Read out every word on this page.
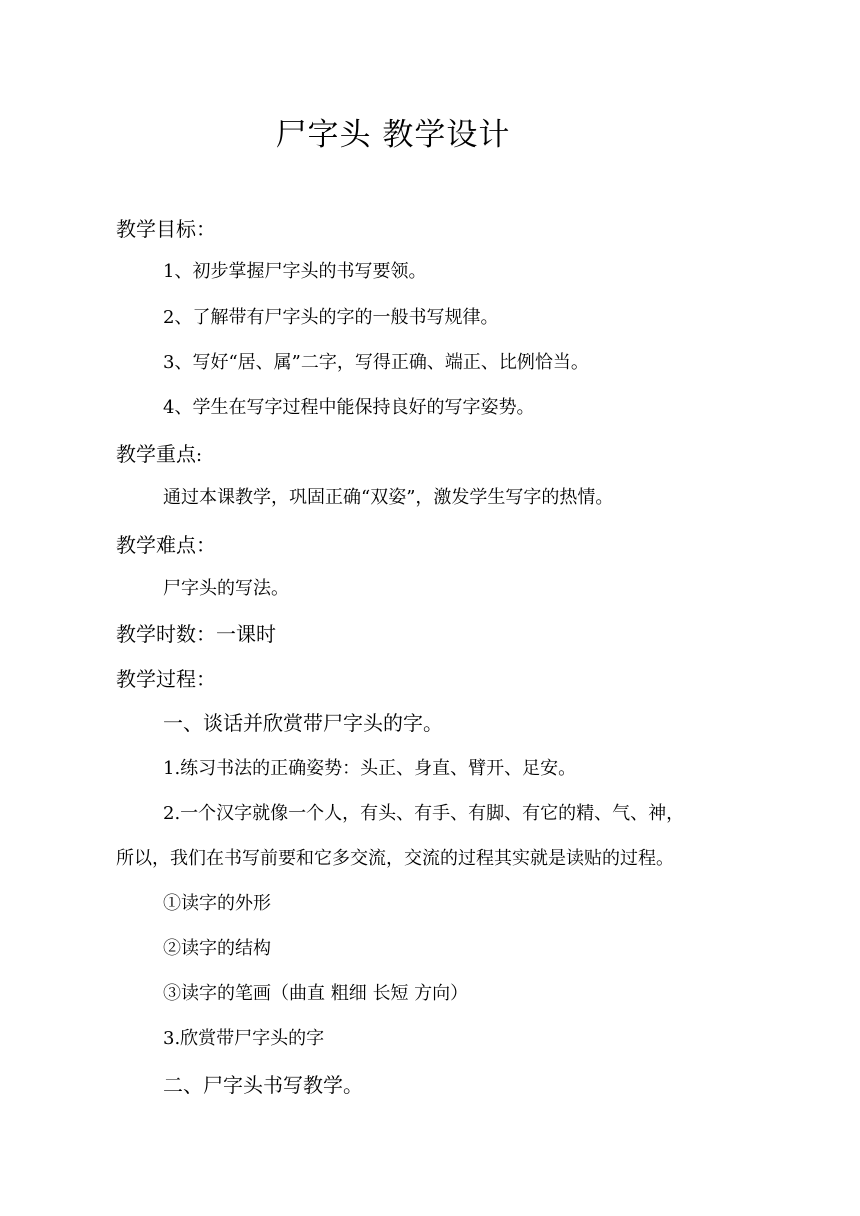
尸字头 教学设计
教学目标：
1、初步掌握尸字头的书写要领。
2、了解带有尸字头的字的一般书写规律。
3、写好“居、属”二字，写得正确、端正、比例恰当。
4、学生在写字过程中能保持良好的写字姿势。
教学重点:
通过本课教学，巩固正确“双姿”，激发学生写字的热情。
教学难点：
尸字头的写法。
教学时数：一课时
教学过程：
一、谈话并欣赏带尸字头的字。
1.练习书法的正确姿势：头正、身直、臂开、足安。
2.一个汉字就像一个人，有头、有手、有脚、有它的精、气、神，
所以，我们在书写前要和它多交流，交流的过程其实就是读贴的过程。
①读字的外形
②读字的结构
③读字的笔画（曲直 粗细 长短 方向）
3.欣赏带尸字头的字
二、尸字头书写教学。
